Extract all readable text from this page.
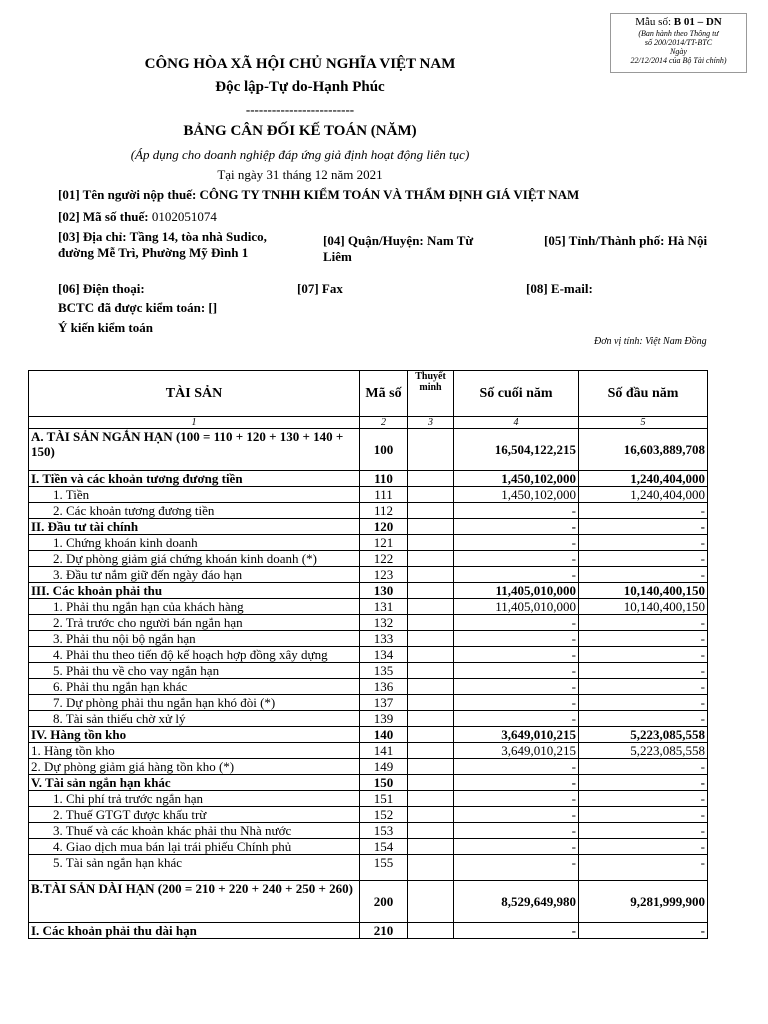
Mẫu số: B 01 – DN
(Ban hành theo Thông tư
số 200/2014/TT-BTC
Ngày
22/12/2014 của Bộ Tài chính)
CÔNG HÒA XÃ HỘI CHỦ NGHĨA VIỆT NAM
Độc lập-Tự do-Hạnh Phúc
-------------------------
BẢNG CÂN ĐỐI KẾ TOÁN (NĂM)
(Áp dụng cho doanh nghiệp đáp ứng giả định hoạt động liên tục)
Tại ngày 31 tháng 12 năm 2021
[01] Tên người nộp thuế: CÔNG TY TNHH KIỂM TOÁN VÀ THẨM ĐỊNH GIÁ VIỆT NAM
[02] Mã số thuế: 0102051074
[03] Địa chỉ: Tầng 14, tòa nhà Sudico, đường Mễ Trì, Phường Mỹ Đình 1
[04] Quận/Huyện: Nam Từ Liêm
[05] Tỉnh/Thành phố: Hà Nội
[06] Điện thoại:	[07] Fax	[08] E-mail:
BCTC đã được kiểm toán: []
Ý kiến kiểm toán
Đơn vị tính: Việt Nam Đồng
TÀI SẢN	Mã số	Thuyết minh	Số cuối năm	Số đầu năm
1	2	3	4	5
A. TÀI SẢN NGẮN HẠN (100 = 110 + 120 + 130 + 140 + 150)	100		16,504,122,215	16,603,889,708
I. Tiền và các khoản tương đương tiền	110		1,450,102,000	1,240,404,000
1. Tiền	111		1,450,102,000	1,240,404,000
2. Các khoản tương đương tiền	112		-	-
II. Đầu tư tài chính	120		-	-
1. Chứng khoán kinh doanh	121		-	-
2. Dự phòng giảm giá chứng khoán kinh doanh (*)	122		-	-
3. Đầu tư nắm giữ đến ngày đáo hạn	123		-	-
III. Các khoản phải thu	130		11,405,010,000	10,140,400,150
1. Phải thu ngắn hạn của khách hàng	131		11,405,010,000	10,140,400,150
2. Trả trước cho người bán ngắn hạn	132		-	-
3. Phải thu nội bộ ngắn hạn	133		-	-
4. Phải thu theo tiến độ kế hoạch hợp đồng xây dựng	134		-	-
5. Phải thu về cho vay ngắn hạn	135		-	-
6. Phải thu ngắn hạn khác	136		-	-
7. Dự phòng phải thu ngắn hạn khó đòi (*)	137		-	-
8. Tài sản thiếu chờ xử lý	139		-	-
IV. Hàng tồn kho	140		3,649,010,215	5,223,085,558
1. Hàng tồn kho	141		3,649,010,215	5,223,085,558
2. Dự phòng giảm giá hàng tồn kho (*)	149		-	-
V. Tài sản ngắn hạn khác	150		-	-
1. Chi phí trả trước ngắn hạn	151		-	-
2. Thuế GTGT được khấu trừ	152		-	-
3. Thuế và các khoản khác phải thu Nhà nước	153		-	-
4. Giao dịch mua bán lại trái phiếu Chính phủ	154		-	-
5. Tài sản ngắn hạn khác	155		-	-
B.TÀI SẢN DÀI HẠN (200 = 210 + 220 + 240 + 250 + 260)	200		8,529,649,980	9,281,999,900
I. Các khoản phải thu dài hạn	210		-	-
